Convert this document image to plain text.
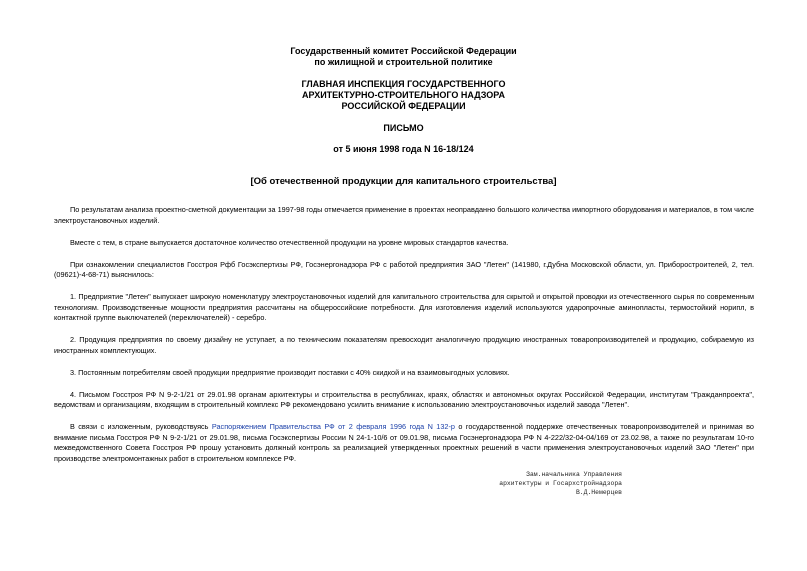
Государственный комитет Российской Федерации
по жилищной и строительной политике
ГЛАВНАЯ ИНСПЕКЦИЯ ГОСУДАРСТВЕННОГО
АРХИТЕКТУРНО-СТРОИТЕЛЬНОГО НАДЗОРА
РОССИЙСКОЙ ФЕДЕРАЦИИ
ПИСЬМО
от 5 июня 1998 года N 16-18/124
[Об отечественной продукции для капитального строительства]

По результатам анализа проектно-сметной документации за 1997-98 годы отмечается применение в проектах неоправданно большого количества импортного оборудования и материалов, в том числе электроустановочных изделий.

Вместе с тем, в стране выпускается достаточное количество отечественной продукции на уровне мировых стандартов качества.

При ознакомлении специалистов Госстроя Рфб Госэкспертизы РФ, Госэнергонадзора РФ с работой предприятия ЗАО "Летен" (141980, г.Дубна Московской области, ул. Приборостроителей, 2, тел. (09621)-4-68-71) выяснилось:

1. Предприятие "Летен" выпускает широкую номенклатуру электроустановочных изделий для капитального строительства для скрытой и открытой проводки из отечественного сырья по современным технологиям. Производственные мощности предприятия рассчитаны на общероссийские потребности. Для изготовления изделий используются ударопрочные аминопласты, термостойкий норипл, в контактной группе выключателей (переключателей) - серебро.

2. Продукция предприятия по своему дизайну не уступает, а по техническим показателям превосходит аналогичную продукцию иностранных товаропроизводителей и продукцию, собираемую из иностранных комплектующих.

3. Постоянным потребителям своей продукции предприятие производит поставки с 40% скидкой и на взаимовыгодных условиях.

4. Письмом Госстроя РФ N 9-2-1/21 от 29.01.98 органам архитектуры и строительства в республиках, краях, областях и автономных округах Российской Федерации, институтам "Гражданпроекта", ведомствам и организациям, входящим в строительный комплекс РФ рекомендовано усилить внимание к использованию электроустановочных изделий завода "Летен".

В связи с изложенным, руководствуясь Распоряжением Правительства РФ от 2 февраля 1996 года N 132-р о государственной поддержке отечественных товаропроизводителей и принимая во внимание письма Госстроя РФ N 9-2-1/21 от 29.01.98, письма Госэкспертизы России N 24-1-10/6 от 09.01.98, письма Госэнергонадзора РФ N 4-222/32-04-04/169 от 23.02.98, а также по результатам 10-го межведомственного Совета Госстроя РФ прошу установить должный контроль за реализацией утвержденных проектных решений в части применения электроустановочных изделий ЗАО "Летен" при производстве электромонтажных работ в строительном комплексе РФ.

Зам.начальника Управления
архитектуры и Госархстройнадзора
В.Д.Немерцев
